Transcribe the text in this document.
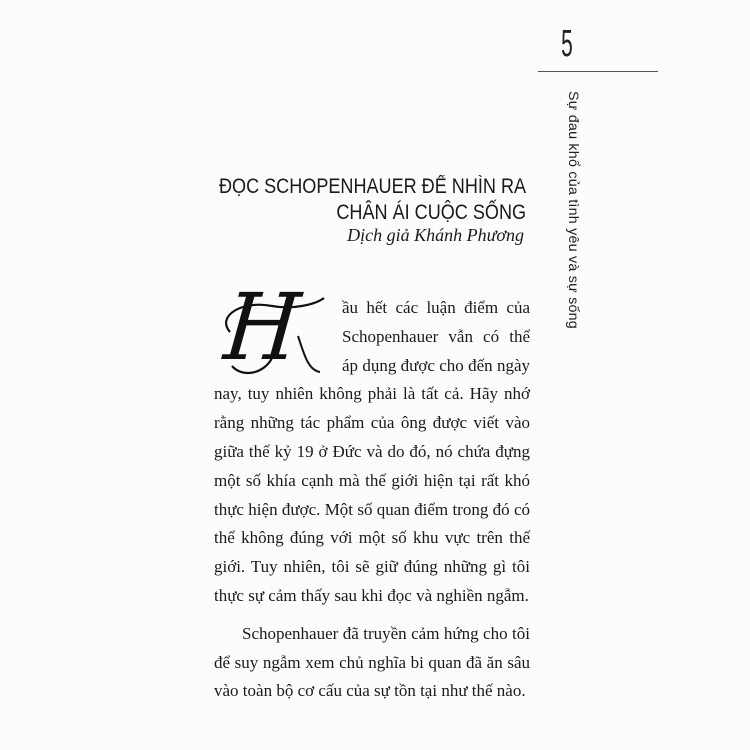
5
Sự đau khổ của tình yêu và sự sống
ĐỌC SCHOPENHAUER ĐỂ NHÌN RA
CHÂN ÁI CUỘC SỐNG
Dịch giả Khánh Phương

H ầu hết các luận điểm của Schopenhauer vẫn có thể áp dụng được cho đến ngày nay, tuy nhiên không phải là tất cả. Hãy nhớ rằng những tác phẩm của ông được viết vào giữa thế kỷ 19 ở Đức và do đó, nó chứa đựng một số khía cạnh mà thế giới hiện tại rất khó thực hiện được. Một số quan điểm trong đó có thể không đúng với một số khu vực trên thế giới. Tuy nhiên, tôi sẽ giữ đúng những gì tôi thực sự cảm thấy sau khi đọc và nghiền ngẫm.

Schopenhauer đã truyền cảm hứng cho tôi để suy ngẫm xem chủ nghĩa bi quan đã ăn sâu vào toàn bộ cơ cấu của sự tồn tại như thế nào.
